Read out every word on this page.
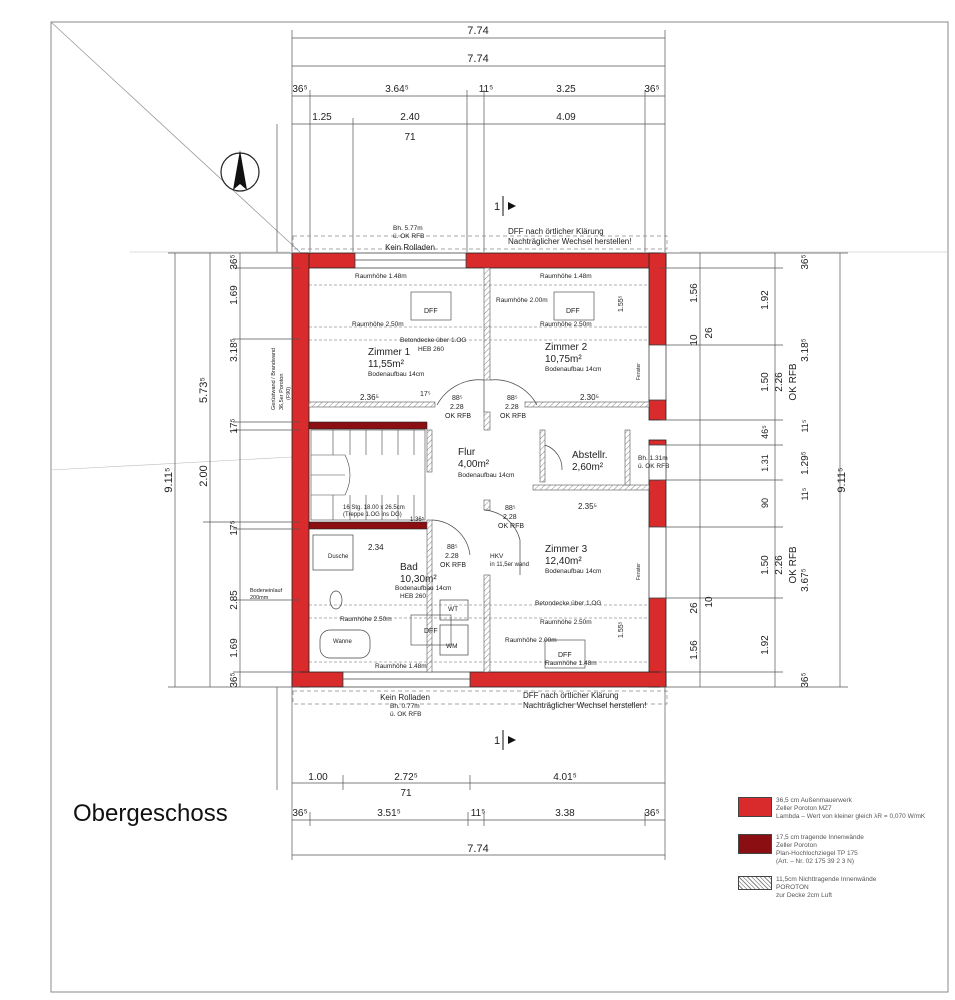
7.74
7.74
36⁵	3.64⁵	11⁵	3.25	36⁵
1.25	2.40	4.09
71
1
1
Bh. 5.77m
ü. OK RFB
DFF nach örtlicher Klärung
Nachträglicher Wechsel herstellen!
Kein Rolladen
Kein Rolladen
Bh. 0.77m
ü. OK RFB
DFF nach örtlicher Klärung
Nachträglicher Wechsel herstellen!
Zimmer 1
11,55m²
Bodenaufbau 14cm
Zimmer 2
10,75m²
Bodenaufbau 14cm
Flur
4,00m²
Bodenaufbau 14cm
Abstellr.
2,60m²
Zimmer 3
12,40m²
Bodenaufbau 14cm
Bad
10,30m²
Bodenaufbau 14cm
HEB 260
Raumhöhe 1.48m	Raumhöhe 1.48m
Raumhöhe 2.00m
Raumhöhe 2.50m	Raumhöhe 2.50m
Raumhöhe 2.50m	Raumhöhe 2.50m
Raumhöhe 2.00m
Raumhöhe 1.48m	Raumhöhe 1.48m
DFF	DFF
DFF
DFF
Betondecke über 1.OG
HEB 260
Betondecke über 1.OG
2.36⁵	2.30⁵
2.35⁵
2.34
17⁵
1.55⁵
1.55⁵
88⁵
2.28
OK RFB
88⁵
2.28
OK RFB
88⁵
2.28
OK RFB
88⁵
2.28
OK RFB
16 Stg. 18.00 x 26.5cm
(Treppe 1.OG ins DG)
1.36⁵
HKV
in 11,5er wand
Dusche
Wanne
WM
WT
Bodeneinlauf
200mm
Bh. 1.31m
ü. OK RFB
Fenster
Fenster
Gerüstwand / Brandwand 36,5er Poroton (F90)
9.11⁵
5.73⁵
2.00
36⁵
1.69
3.18⁵
17⁵
17⁵
2.85
1.69
36⁵
1.56
10
26
1.50 2.26 OK RFB
46⁵
1.31
90
2.26
1.50 OK RFB
26
10
1.56
36⁵
1.92
3.18⁵
11⁵
1.29⁵
11⁵
3.67⁵
1.92
36⁵
9.11⁵
1.00	2.72⁵	4.01⁵
71
36⁵	3.51⁵	11⁵	3.38	36⁵
7.74
Obergeschoss	36,5 cm Außenmauerwerk
Zeller Poroton MZ7
Lambda – Wert von kleiner gleich λR = 0,070 W/mK
17,5 cm tragende Innenwände
Zeller Poroton
Plan-Hochlochziegel TP 175
(Art. – Nr. 02 175 39 2 3 N)
11,5cm Nichttragende Innenwände
POROTON
zur Decke 2cm Luft
